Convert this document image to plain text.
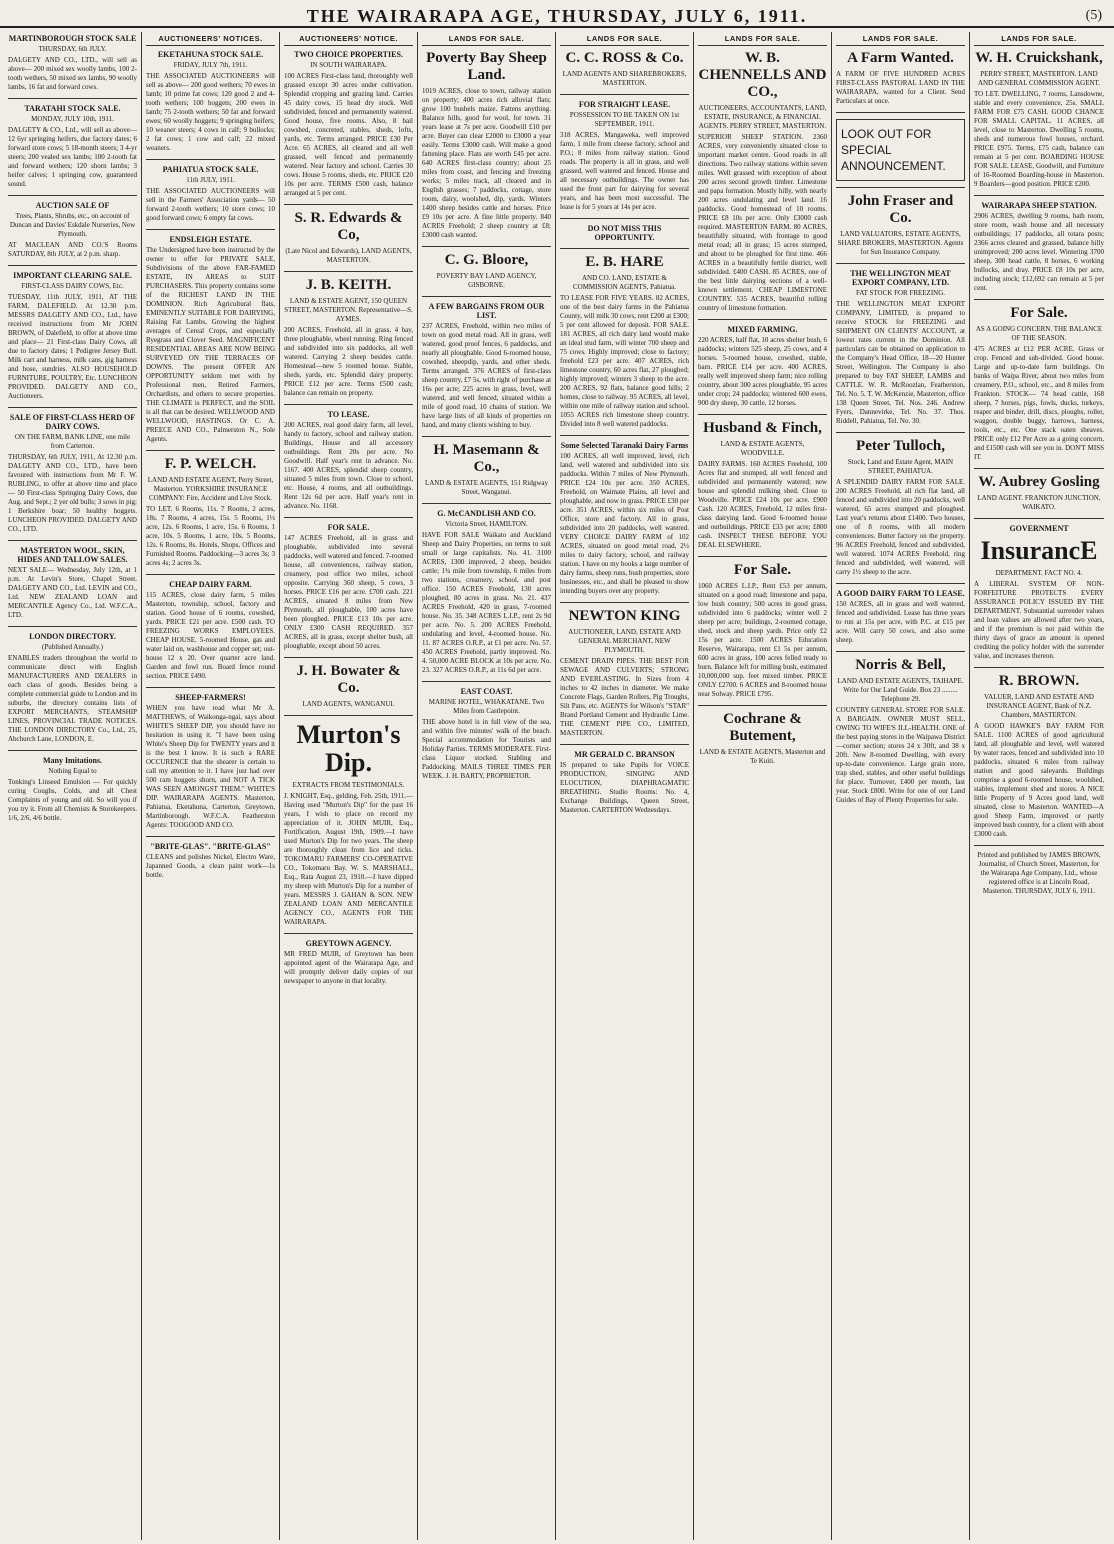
THE WAIRARAPA AGE, THURSDAY, JULY 6, 1911.	(5)
MARTINBOROUGH STOCK SALE
THURSDAY, 6th JULY.
DALGETY AND CO., LTD., will sell as above— 200 mixed sex woolly lambs, 100 2-tooth wethers, 50 mixed sex lambs, 90 woolly lambs, 16 fat and forward cows.
TARATAHI STOCK SALE.
MONDAY, JULY 10th, 1911.
DALGETY & CO., Ltd., will sell as above— 12 6yr springing heifers, due factory dates; 6 forward store cows; 5 18-month steers; 3 4-yr steers; 200 vealed sex lambs; 100 2-tooth fat and forward wethers; 120 shorn lambs; 3 heifer calves; 1 springing cow, guaranteed sound.
AUCTION SALE OF
Trees, Plants, Shrubs, etc., on account of Duncan and Davies' Eskdale Nurseries, New Plymouth.
AT MACLEAN AND CO.'S Rooms SATURDAY, 8th JULY, at 2 p.m. sharp.
IMPORTANT CLEARING SALE.
FIRST-CLASS DAIRY COWS, Etc.
TUESDAY, 11th JULY, 1911, AT THE FARM, DALEFIELD. At 12.30 p.m. MESSRS DALGETY AND CO., Ltd., have received instructions from Mr JOHN BROWN, of Dalefield, to offer at above time and place— 21 First-class Dairy Cows, all due to factory dates; 1 Pedigree Jersey Bull. Milk cart and harness, milk cans, gig harness and hose, sundries. ALSO HOUSEHOLD FURNITURE, POULTRY, Etc. LUNCHEON PROVIDED. DALGETY AND CO., Auctioneers.
SALE OF FIRST-CLASS HERD OF DAIRY COWS.
ON THE FARM, BANK LINE, one mile from Carterton.
THURSDAY, 6th JULY, 1911, At 12.30 p.m. DALGETY AND CO., LTD., have been favoured with instructions from Mr F. W. RUBLING, to offer at above time and place— 50 First-class Springing Dairy Cows, due Aug. and Sept.; 2 yer old bulls; 3 sows in pig; 1 Berkshire boar; 50 healthy hoggets. LUNCHEON PROVIDED. DALGETY AND CO., LTD.
MASTERTON WOOL, SKIN, HIDES AND TALLOW SALES.
NEXT SALE— Wednesday, July 12th, at 1 p.m. At Levin's Store, Chapel Street. DALGETY AND CO., Ltd. LEVIN and CO., Ltd. NEW ZEALAND LOAN and MERCANTILE Agency Co., Ltd. W.F.C.A., LTD.
LONDON DIRECTORY.
(Published Annually.)
ENABLES traders throughout the world to communicate direct with English MANUFACTURERS AND DEALERS in each class of goods. Besides being a complete commercial guide to London and its suburbs, the directory contains lists of EXPORT MERCHANTS, STEAMSHIP LINES, PROVINCIAL TRADE NOTICES. THE LONDON DIRECTORY Co., Ltd., 25, Abchurch Lane, LONDON, E.
Many Imitations.
Nothing Equal to
Tonking's Linseed Emulsion — For quickly curing Coughs, Colds, and all Chest Complaints of young and old. So will you if you try it. From all Chemists & Storekeepers. 1/6, 2/6, 4/6 bottle.
AUCTIONEERS' NOTICES.
EKETAHUNA STOCK SALE.
FRIDAY, JULY 7th, 1911.
THE ASSOCIATED AUCTIONEERS will sell as above— 200 good wethers; 70 ewes in lamb; 10 prime fat cows; 120 good 2 and 4-tooth wethers; 100 hoggets; 200 ewes in lamb; 75 2-tooth wethers; 50 fat and forward ewes; 60 woolly hoggets; 9 springing heifers; 10 weaner steers; 4 cows in calf; 9 bullocks; 2 fat cows; 1 cow and calf; 22 mixed weaners.
PAHIATUA STOCK SALE.
11th JULY, 1911.
THE ASSOCIATED AUCTIONEERS will sell in the Farmers' Association yards— 50 forward 2-tooth wethers; 10 store cows; 10 good forward cows; 6 empty fat cows.
ENDSLEIGH ESTATE.
The Undersigned have been instructed by the owner to offer for PRIVATE SALE, Subdivisions of the above FAR-FAMED ESTATE, IN AREAS to SUIT PURCHASERS. This property contains some of the RICHEST LAND IN THE DOMINION. Rich Agricultural flats, EMINENTLY SUITABLE FOR DAIRYING, Raising Fat Lambs, Growing the highest averages of Cereal Crops, and especially Ryegrass and Clover Seed. MAGNIFICENT RESIDENTIAL AREAS ARE NOW BEING SURVEYED ON THE TERRACES OF DOWNS. The present OFFER AN OPPORTUNITY seldom met with by Professional men, Retired Farmers, Orchardists, and others to secure properties. THE CLIMATE is PERFECT, and the SOIL is all that can be desired. WELLWOOD AND WELLWOOD, HASTINGS. Or C. A. PREECE AND CO., Palmerston N., Sole Agents.
F. P. WELCH.
LAND AND ESTATE AGENT, Perry Street, Masterton. YORKSHIRE INSURANCE COMPANY: Fire, Accident and Live Stock.
TO LET. 6 Rooms, 11s. 7 Rooms, 2 acres, 18s. 7 Rooms, 4 acres, 15s. 5 Rooms, 1½ acre, 12s. 6 Rooms, 1 acre, 15s. 6 Rooms, 1 acre, 10s. 5 Rooms, 1 acre, 10s. 5 Rooms, 12s. 6 Rooms, 8s. Hotels, Shops, Offices and Furnished Rooms. Paddocking—3 acres 3s; 3 acres 4s; 2 acres 3s.
CHEAP DAIRY FARM.
115 ACRES, close dairy farm, 5 miles Masterton, township, school, factory and station. Good house of 6 rooms, cowshed, yards. PRICE £21 per acre. £500 cash. TO FREEZING WORKS EMPLOYEES. CHEAP HOUSE. 5-roomed House, gas and water laid on, washhouse and copper set; out-house 12 x 20. Over quarter acre land. Garden and fowl run. Board fence round section. PRICE £490.
SHEEP-FARMERS!
WHEN you have read what Mr A. MATTHEWS, of Waikonga-ngai, says about WHITE'S SHEEP DIP, you should have no hesitation in using it. "I have been using White's Sheep Dip for TWENTY years and it is the best I know. It is such a RARE OCCURENCE that the shearer is certain to call my attention to it. I have just had over 500 ram hoggets shorn, and NOT A TICK WAS SEEN AMONGST THEM." WHITE'S DIP. WAIRARAPA AGENTS. Masterton, Pahiatua, Eketahuna, Carterton, Greytown, Martinborough. W.F.C.A. Featherston Agents: TOOGOOD AND CO.
"BRITE-GLAS". "BRITE-GLAS"
CLEANS and polishes Nickel, Electro Ware, Japanned Goods, a clean paint work—1s bottle.
AUCTIONEERS' NOTICE.
TWO CHOICE PROPERTIES.
IN SOUTH WAIRARAPA.
100 ACRES First-class land, thoroughly well grassed except 30 acres under cultivation. Splendid cropping and grazing land. Carries 45 dairy cows, 15 head dry stock. Well subdivided, fenced and permanently watered. Good house, five rooms. Also, 8 bail cowshed, concreted, stables, sheds, lofts, yards, etc. Terms arranged. PRICE £30 Per Acre. 65 ACRES, all cleared and all well grassed, well fenced and permanently watered. Near factory and school. Carries 30 cows. House 5 rooms, sheds, etc. PRICE £20 10s per acre. TERMS £500 cash, balance arranged at 5 per cent.
S. R. Edwards & Co,
(Late Nicol and Edwards), LAND AGENTS, MASTERTON.
J. B. KEITH.
LAND & ESTATE AGENT, 150 QUEEN STREET, MASTERTON. Representative—S. AYMES.
200 ACRES, Freehold, all in grass, 4 bay, three ploughable, wheel running. Ring fenced and subdivided into six paddocks, all well watered. Carrying 2 sheep besides cattle. Homestead—new 5 roomed house. Stable, sheds, yards, etc. Splendid dairy property. PRICE £12 per acre. Terms £500 cash; balance can remain on property.
TO LEASE.
200 ACRES, real good dairy farm, all level, handy to factory, school and railway station. Buildings, House and all accessory outbuildings. Rent 20s per acre. No Goodwill. Half year's rent in advance. No. 1167. 400 ACRES, splendid sheep country, situated 5 miles from town. Close to school, etc. House, 4 rooms, and all outbuildings. Rent 12s 6d per acre. Half year's rent in advance. No. 1168.
FOR SALE.
147 ACRES Freehold, all in grass and ploughable, subdivided into several paddocks, well watered and fenced. 7-roomed house, all conveniences, railway station, creamery, post office two miles, school opposite. Carrying 360 sheep, 5 cows, 3 horses. PRICE £16 per acre. £700 cash. 221 ACRES, situated 8 miles from New Plymouth, all ploughable, 100 acres have been ploughed. PRICE £13 10s per acre. ONLY £300 CASH REQUIRED. 357 ACRES, all in grass, except shelter bush, all ploughable, except about 50 acres.
J. H. Bowater & Co.
LAND AGENTS, WANGANUI.
Murton's Dip.
EXTRACTS FROM TESTIMONIALS.
J. KNIGHT, Esq., gelding, Feb. 25th, 1911.—Having used "Murton's Dip" for the past 16 years, I wish to place on record my appreciation of it. JOHN MUIR, Esq., Fortification, August 19th, 1909.—I have used Murton's Dip for two years. The sheep are thoroughly clean from lice and ticks. TOKOMARU FARMERS' CO-OPERATIVE CO., Tokomaru Bay. W. S. MARSHALL, Esq., Rata August 23, 1910.—I have dipped my sheep with Murton's Dip for a number of years. MESSRS J. GAHAN & SON. NEW ZEALAND LOAN AND MERCANTILE AGENCY CO., AGENTS FOR THE WAIRARAPA.
GREYTOWN AGENCY.
MR FRED MUIR, of Greytown has been appointed agent of the Wairarapa Age, and will promptly deliver daily copies of our newspaper to anyone in that locality.
LANDS FOR SALE.
Poverty Bay Sheep Land.
1019 ACRES, close to town, railway station on property; 400 acres rich alluvial flats; grow 100 bushels maize. Fattens anything. Balance hills, good for wool, for town. 31 years lease at 7s per acre. Goodwill £10 per acre. Buyer can clear £2000 to £3000 a year easily. Terms £3000 cash. Will make a good fattening place. Flats are worth £45 per acre. 640 ACRES first-class country; about 25 miles from coast, and fencing and freezing works; 5 miles track, all cleared and in English grasses; 7 paddocks, cottage, store room, dairy, woolshed, dip, yards. Winters 1400 sheep besides cattle and horses. Price £9 10s per acre. A fine little property. 840 ACRES Freehold; 2 sheep country at £8; £3000 cash wanted.
C. G. Bloore,
POVERTY BAY LAND AGENCY, GISBORNE.
A FEW BARGAINS FROM OUR LIST.
237 ACRES, Freehold, within two miles of town on good metal road. All in grass, well watered, good proof fences, 6 paddocks, and nearly all ploughable. Good 6-roomed house, cowshed, sheepdip, yards, and other sheds. Terms arranged. 376 ACRES of first-class sheep country, £7 5s, with right of purchase at 16s per acre; 225 acres in grass, level, well watered, and well fenced, situated within a mile of good road, 10 chains of station. We have large lists of all kinds of properties on hand, and many clients wishing to buy.
H. Masemann & Co.,
LAND & ESTATE AGENTS, 151 Ridgway Street, Wanganui.
G. McCANDLISH AND CO.
Victoria Street, HAMILTON.
HAVE FOR SALE Waikato and Auckland Sheep and Dairy Properties, on terms to suit small or large capitalists. No. 41. 3100 ACRES, 1300 improved, 2 sheep, besides cattle; 1¾ mile from township, 6 miles from two stations, creamery, school, and post office. 150 ACRES Freehold, 130 acres ploughed, 80 acres in grass. No. 21. 437 ACRES Freehold, 420 in grass, 7-roomed house. No. 35. 348 ACRES L.I.P., rent 2s 9d per acre. No. 5. 200 ACRES Freehold, undulating and level, 4-roomed house. No. 11. 87 ACRES O.R.P., at £1 per acre. No. 57. 450 ACRES Freehold, partly improved. No. 4. 50,000 ACRE BLOCK at 10s per acre. No. 23. 327 ACRES O.R.P., at 11s 6d per acre.
EAST COAST.
MARINE HOTEL, WHAKATANE. Two Miles from Castlepoint.
THE above hotel is in full view of the sea, and within five minutes' walk of the beach. Special accommodation for Tourists and Holiday Parties. TERMS MODERATE. First-class Liquor stocked. Stabling and Paddocking. MAILS THREE TIMES PER WEEK. J. H. BARTY, PROPRIETOR.
LANDS FOR SALE.
C. C. ROSS & Co.
LAND AGENTS AND SHAREBROKERS, MASTERTON.
FOR STRAIGHT LEASE.
POSSESSION TO BE TAKEN ON 1st SEPTEMBER, 1911.
318 ACRES, Mangaweka, well improved farm, 1 mile from cheese factory, school and P.O.; 8 miles from railway station. Good roads. The property is all in grass, and well grassed, well watered and fenced. House and all necessary outbuildings. The owner has used the front part for dairying for several years, and has been most successful. The lease is for 5 years at 14s per acre.
DO NOT MISS THIS OPPORTUNITY.
E. B. HARE
AND CO. LAND, ESTATE & COMMISSION AGENTS, Pahiatua.
TO LEASE FOR FIVE YEARS. 82 ACRES, one of the best dairy farms in the Pahiatua County, will milk 30 cows, rent £200 at £300; 5 per cent allowed for deposit. FOR SALE. 181 ACRES, all rich dairy land would make an ideal stud farm, will winter 700 sheep and 75 cows. Highly improved; close to factory; freehold £23 per acre. 407 ACRES, rich limestone country, 60 acres flat, 27 ploughed; highly improved; winters 3 sheep to the acre. 200 ACRES, 92 flats, balance good hills; 2 homes, close to railway. 95 ACRES, all level, within one mile of railway station and school. 1055 ACRES rich limestone sheep country. Divided into 8 well watered paddocks.
Some Selected Taranaki Dairy Farms
100 ACRES, all well improved, level, rich land, well watered and subdivided into six paddocks. Within 7 miles of New Plymouth. PRICE £24 10s per acre. 350 ACRES, Freehold, on Waimate Plains, all level and ploughable, and now in grass. PRICE £30 per acre. 351 ACRES, within six miles of Post Office, store and factory. All in grass, subdivided into 20 paddocks, well watered. VERY CHOICE DAIRY FARM of 102 ACRES, situated on good metal road, 2½ miles to dairy factory, school, and railway station. I have on my books a large number of dairy farms, sheep runs, bush properties, store businesses, etc., and shall be pleased to show intending buyers over any property.
NEWTON KING
AUCTIONEER, LAND, ESTATE AND GENERAL MERCHANT, NEW PLYMOUTH.
CEMENT DRAIN PIPES. THE BEST FOR SEWAGE AND CULVERTS; STRONG AND EVERLASTING. In Sizes from 4 inches to 42 inches in diameter. We make Concrete Flags, Garden Rollers, Pig Troughs, Silt Pans, etc. AGENTS for Wilson's "STAR" Brand Portland Cement and Hydraulic Lime. THE CEMENT PIPE CO., LIMITED, MASTERTON.
MR GERALD C. BRANSON
IS prepared to take Pupils for VOICE PRODUCTION, SINGING AND ELOCUTION, DIAPHRAGMATIC BREATHING. Studio Rooms: No. 4, Exchange Buildings, Queen Street, Masterton. CARTERTON Wednesdays.
LANDS FOR SALE.
W. B. CHENNELLS AND CO.,
AUCTIONEERS, ACCOUNTANTS, LAND, ESTATE, INSURANCE, & FINANCIAL AGENTS. PERRY STREET, MASTERTON.
SUPERIOR SHEEP STATION. 2360 ACRES, very conveniently situated close to important market centre. Good roads in all directions. Two railway stations within seven miles. Well grassed with exception of about 200 acres second growth timber. Limestone and papa formation. Mostly hilly, with nearly 200 acres undulating and level land. 16 paddocks. Good homestead of 10 rooms. PRICE £8 10s per acre. Only £3000 cash required. MASTERTON FARM. 80 ACRES, beautifully situated, with frontage to good metal road; all in grass; 15 acres stumped, and about to be ploughed for first time. 466 ACRES in a beautifully fertile district, well subdivided. £400 CASH. 85 ACRES, one of the best little dairying sections of a well-known settlement. CHEAP LIMESTONE COUNTRY. 535 ACRES, beautiful rolling country of limestone formation.
MIXED FARMING.
220 ACRES, half flat, 10 acres shelter bush, 6 paddocks; winters 525 sheep, 25 cows, and 4 horses. 5-roomed house, cowshed, stable, barn. PRICE £14 per acre. 400 ACRES, really well improved sheep farm; nice rolling country, about 300 acres ploughable, 95 acres under crop; 24 paddocks; wintered 600 ewes, 900 dry sheep, 30 cattle, 12 horses.
Husband & Finch,
LAND & ESTATE AGENTS, WOODVILLE.
DAIRY FARMS. 160 ACRES Freehold, 100 Acres flat and stumped, all well fenced and subdivided and permanently watered; new house and splendid milking shed. Close to Woodville. PRICE £24 10s per acre. £900 Cash. 120 ACRES, Freehold, 12 miles first-class dairying land. Good 6-roomed house and outbuildings. PRICE £33 per acre; £800 cash. INSPECT THESE BEFORE YOU DEAL ELSEWHERE.
For Sale.
1060 ACRES L.I.P., Rent £53 per annum, situated on a good road; limestone and papa, low bush country; 500 acres in good grass, subdivided into 6 paddocks; winter well 2 sheep per acre; buildings, 2-roomed cottage, shed, stock and sheep yards. Price only £2 15s per acre. 1500 ACRES Education Reserve, Wairarapa, rent £1 5s per annum, 600 acres in grass, 100 acres felled ready to burn. Balance left for milling bush, estimated 10,000,000 sup. feet mixed timber. PRICE ONLY £2700. 6 ACRES and 8-roomed house near Solway. PRICE £795.
Cochrane & Butement,
LAND & ESTATE AGENTS, Masterton and Te Kuiti.
LANDS FOR SALE.
A Farm Wanted.
A FARM OF FIVE HUNDRED ACRES FIRST-CLASS PASTORAL LAND IN THE WAIRARAPA, wanted for a Client. Send Particulars at once.
LOOK OUT FOR SPECIAL ANNOUNCEMENT.
John Fraser and Co.
LAND VALUATORS, ESTATE AGENTS, SHARE BROKERS, MASTERTON. Agents for Sun Insurance Company.
THE WELLINGTON MEAT EXPORT COMPANY, LTD.
FAT STOCK FOR FREEZING.
THE WELLINGTON MEAT EXPORT COMPANY, LIMITED, is prepared to receive STOCK for FREEZING and SHIPMENT ON CLIENTS' ACCOUNT, at lowest rates current in the Dominion. All particulars can be obtained on application to the Company's Head Office, 18—20 Hunter Street, Wellington. The Company is also prepared to buy FAT SHEEP, LAMBS and CATTLE. W. R. McRoozlan, Featherston, Tel. No. 5. T. W. McKenzie, Masterton, office 138 Queen Street, Tel. Nos. 246. Andrew Fyers, Dannevirke, Tel. No. 37. Thos. Riddell, Pahiatua, Tel. No. 30.
Peter Tulloch,
Stock, Land and Estate Agent, MAIN STREET, PAHIATUA.
A SPLENDID DAIRY FARM FOR SALE. 200 ACRES Freehold, all rich flat land, all fenced and subdivided into 20 paddocks, well watered, 65 acres stumped and ploughed. Last year's returns about £1400. Two houses, one of 8 rooms, with all modern conveniences. Butter factory on the property. 96 ACRES Freehold, fenced and subdivided, well watered. 1074 ACRES Freehold, ring fenced and subdivided, well watered, will carry 1½ sheep to the acre.
A GOOD DAIRY FARM TO LEASE.
150 ACRES, all in grass and well watered, fenced and subdivided. Lease has three years to run at 15s per acre, with P.C. at £15 per acre. Will carry 50 cows, and also some sheep.
Norris & Bell,
LAND AND ESTATE AGENTS, TAIHAPE. Write for Our Land Guide. Box 23 ......... Telephone 29.
COUNTRY GENERAL STORE FOR SALE. A BARGAIN. OWNER MUST SELL, OWING TO WIFE'S ILL-HEALTH. ONE of the best paying stores in the Waipawa District—corner section; stores 24 x 30ft, and 38 x 20ft. New 8-roomed Dwelling, with every up-to-date convenience. Large grain store, trap shed, stables, and other useful buildings for place. Turnover, £400 per month, last year. Stock £800. Write for one of our Land Guides of Bay of Plenty Properties for sale.
LANDS FOR SALE.
W. H. Cruickshank,
PERRY STREET, MASTERTON. LAND AND GENERAL COMMISSION AGENT.
TO LET. DWELLING, 7 rooms, Lansdowne, stable and every convenience, 25s. SMALL FARM FOR £75 CASH. GOOD CHANCE FOR SMALL CAPITAL. 11 ACRES, all level, close to Masterton. Dwelling 5 rooms, sheds and numerous fowl houses, orchard. PRICE £975. Terms, £75 cash, balance can remain at 5 per cent. BOARDING HOUSE FOR SALE. LEASE, Goodwill, and Furniture of 16-Roomed Boarding-house in Masterton. 9 Boarders—good position. PRICE £200.
WAIRARAPA SHEEP STATION.
2906 ACRES, dwelling 9 rooms, bath room, store room, wash house and all necessary outbuildings; 17 paddocks, all totara posts; 2366 acres cleared and grassed, balance hilly unimproved; 200 acres level. Wintering 3700 sheep, 300 head cattle, 8 horses, 6 working bullocks, and dray. PRICE £8 10s per acre, including stock; £12,692 can remain at 5 per cent.
For Sale.
AS A GOING CONCERN. THE BALANCE OF THE SEASON.
475 ACRES at £12 PER ACRE. Grass or crop. Fenced and sub-divided. Good house. Large and up-to-date farm buildings. On banks of Waipa River, about two miles from creamery, P.O., school, etc., and 8 miles from Frankton. STOCK— 74 head cattle, 168 sheep, 7 horses, pigs, fowls, ducks, turkeys, reaper and binder, drill, discs, ploughs, roller, waggon, double buggy, harrows, harness, tools, etc., etc. One stack oaten sheaves. PRICE only £12 Per Acre as a going concern, and £1500 cash will see you in. DON'T MISS IT.
W. Aubrey Gosling
LAND AGENT. FRANKTON JUNCTION, WAIKATO.
GOVERNMENT
InsurancE
DEPARTMENT. FACT NO. 4.
A LIBERAL SYSTEM OF NON-FORFEITURE PROTECTS EVERY ASSURANCE POLICY ISSUED BY THE DEPARTMENT. Substantial surrender values and loan values are allowed after two years, and if the premium is not paid within the thirty days of grace an amount is opened crediting the policy holder with the surrender value, and increases thereon.
R. BROWN.
VALUER, LAND AND ESTATE AND INSURANCE AGENT, Bank of N.Z. Chambers, MASTERTON.
A GOOD HAWKE'S BAY FARM FOR SALE. 1100 ACRES of good agricultural land, all ploughable and level, well watered by water races, fenced and subdivided into 10 paddocks, situated 6 miles from railway station and good saleyards. Buildings comprise a good 6-roomed house, woolshed, stables, implement shed and stores. A NICE little Property of 9 Acres good land, well situated, close to Masterton. WANTED—A good Sheep Farm, improved or partly improved bush country, for a client with about £3000 cash.
Printed and published by JAMES BROWN, Journalist, of Church Street, Masterton, for the Wairarapa Age Company, Ltd., whose registered office is at Lincoln Road, Masterton. THURSDAY, JULY 6, 1911.
